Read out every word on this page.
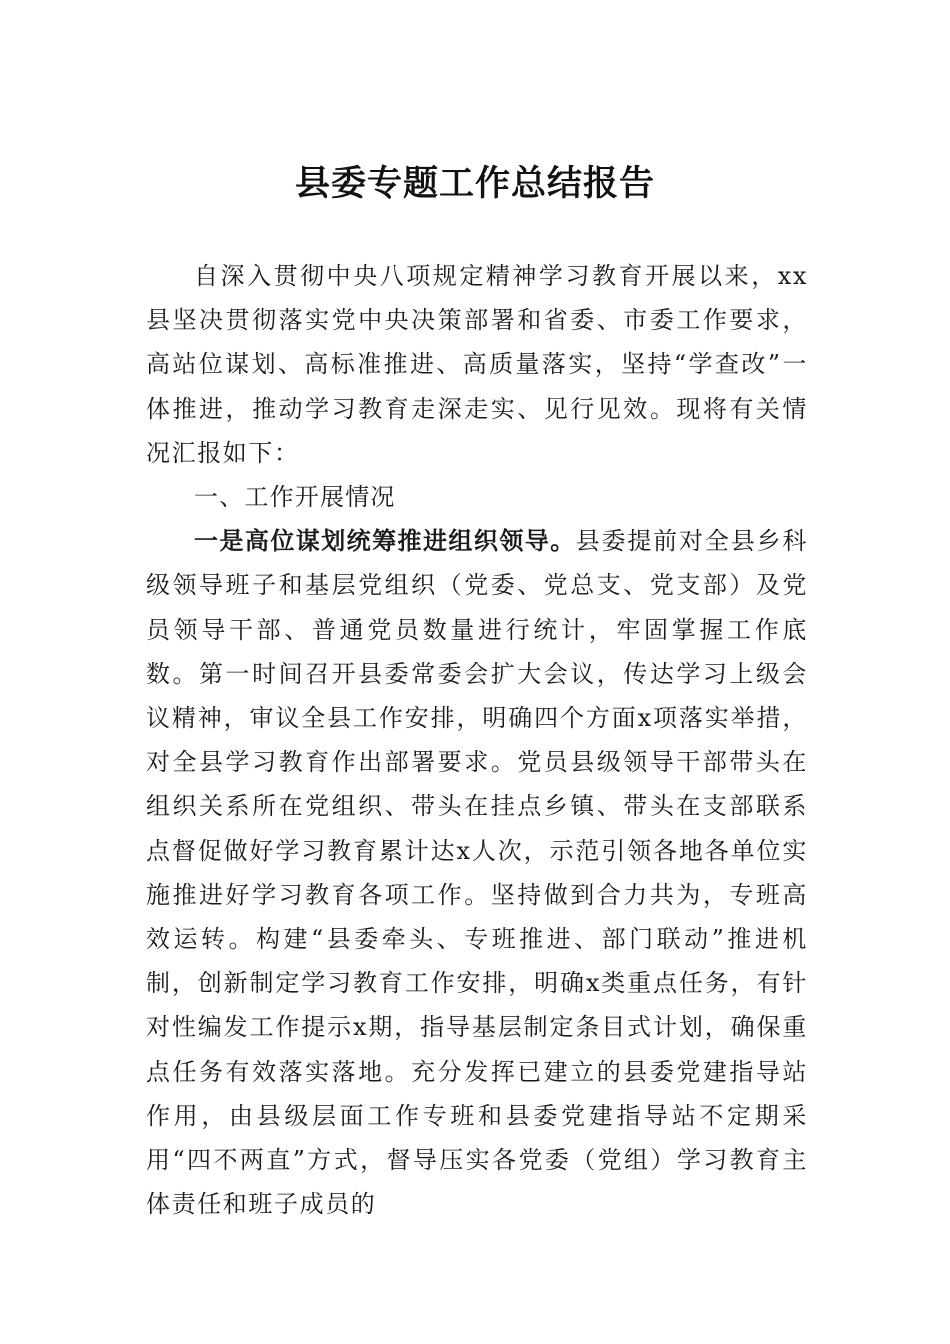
县委专题工作总结报告

自深入贯彻中央八项规定精神学习教育开展以来，xx县坚决贯彻落实党中央决策部署和省委、市委工作要求，高站位谋划、高标准推进、高质量落实，坚持“学查改”一体推进，推动学习教育走深走实、见行见效。现将有关情况汇报如下：

一、工作开展情况

一是高位谋划统筹推进组织领导。县委提前对全县乡科级领导班子和基层党组织（党委、党总支、党支部）及党员领导干部、普通党员数量进行统计，牢固掌握工作底数。第一时间召开县委常委会扩大会议，传达学习上级会议精神，审议全县工作安排，明确四个方面x项落实举措，对全县学习教育作出部署要求。党员县级领导干部带头在组织关系所在党组织、带头在挂点乡镇、带头在支部联系点督促做好学习教育累计达x人次，示范引领各地各单位实施推进好学习教育各项工作。坚持做到合力共为，专班高效运转。构建“县委牵头、专班推进、部门联动”推进机制，创新制定学习教育工作安排，明确x类重点任务，有针对性编发工作提示x期，指导基层制定条目式计划，确保重点任务有效落实落地。充分发挥已建立的县委党建指导站作用，由县级层面工作专班和县委党建指导站不定期采用“四不两直”方式，督导压实各党委（党组）学习教育主体责任和班子成员的
